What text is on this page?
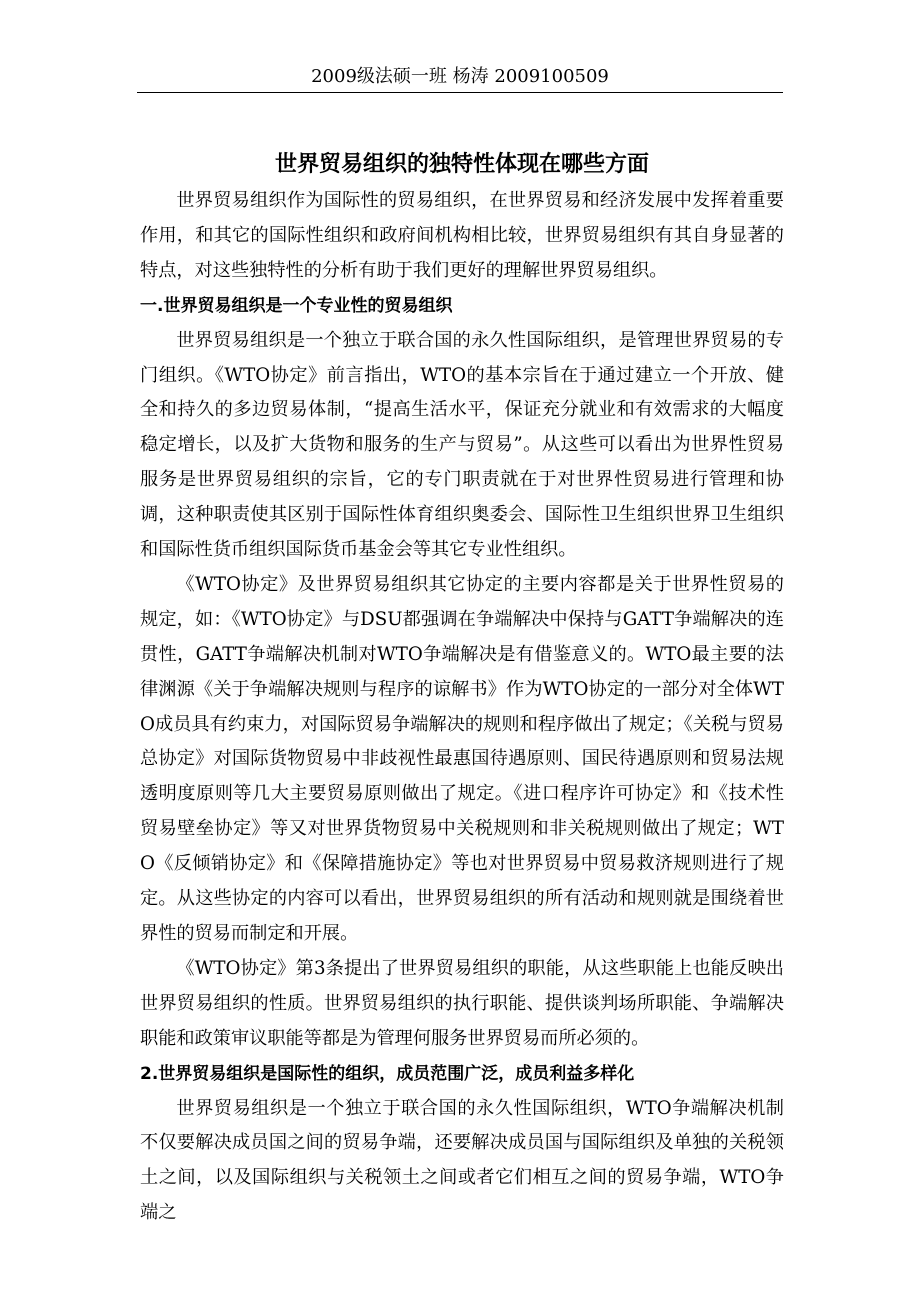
2009级法硕一班 杨涛 2009100509
世界贸易组织的独特性体现在哪些方面

世界贸易组织作为国际性的贸易组织，在世界贸易和经济发展中发挥着重要作用，和其它的国际性组织和政府间机构相比较，世界贸易组织有其自身显著的特点，对这些独特性的分析有助于我们更好的理解世界贸易组织。

一.世界贸易组织是一个专业性的贸易组织

世界贸易组织是一个独立于联合国的永久性国际组织，是管理世界贸易的专门组织。《WTO协定》前言指出，WTO的基本宗旨在于通过建立一个开放、健全和持久的多边贸易体制，“提高生活水平，保证充分就业和有效需求的大幅度稳定增长，以及扩大货物和服务的生产与贸易”。从这些可以看出为世界性贸易服务是世界贸易组织的宗旨，它的专门职责就在于对世界性贸易进行管理和协调，这种职责使其区别于国际性体育组织奥委会、国际性卫生组织世界卫生组织和国际性货币组织国际货币基金会等其它专业性组织。

《WTO协定》及世界贸易组织其它协定的主要内容都是关于世界性贸易的规定，如：《WTO协定》与DSU都强调在争端解决中保持与GATT争端解决的连贯性，GATT争端解决机制对WTO争端解决是有借鉴意义的。WTO最主要的法律渊源《关于争端解决规则与程序的谅解书》作为WTO协定的一部分对全体WTO成员具有约束力，对国际贸易争端解决的规则和程序做出了规定；《关税与贸易总协定》对国际货物贸易中非歧视性最惠国待遇原则、国民待遇原则和贸易法规透明度原则等几大主要贸易原则做出了规定。《进口程序许可协定》和《技术性贸易壁垒协定》等又对世界货物贸易中关税规则和非关税规则做出了规定；WTO《反倾销协定》和《保障措施协定》等也对世界贸易中贸易救济规则进行了规定。从这些协定的内容可以看出，世界贸易组织的所有活动和规则就是围绕着世界性的贸易而制定和开展。

《WTO协定》第3条提出了世界贸易组织的职能，从这些职能上也能反映出世界贸易组织的性质。世界贸易组织的执行职能、提供谈判场所职能、争端解决职能和政策审议职能等都是为管理何服务世界贸易而所必须的。

2.世界贸易组织是国际性的组织，成员范围广泛，成员利益多样化

世界贸易组织是一个独立于联合国的永久性国际组织，WTO争端解决机制不仅要解决成员国之间的贸易争端，还要解决成员国与国际组织及单独的关税领土之间，以及国际组织与关税领土之间或者它们相互之间的贸易争端，WTO争端之
